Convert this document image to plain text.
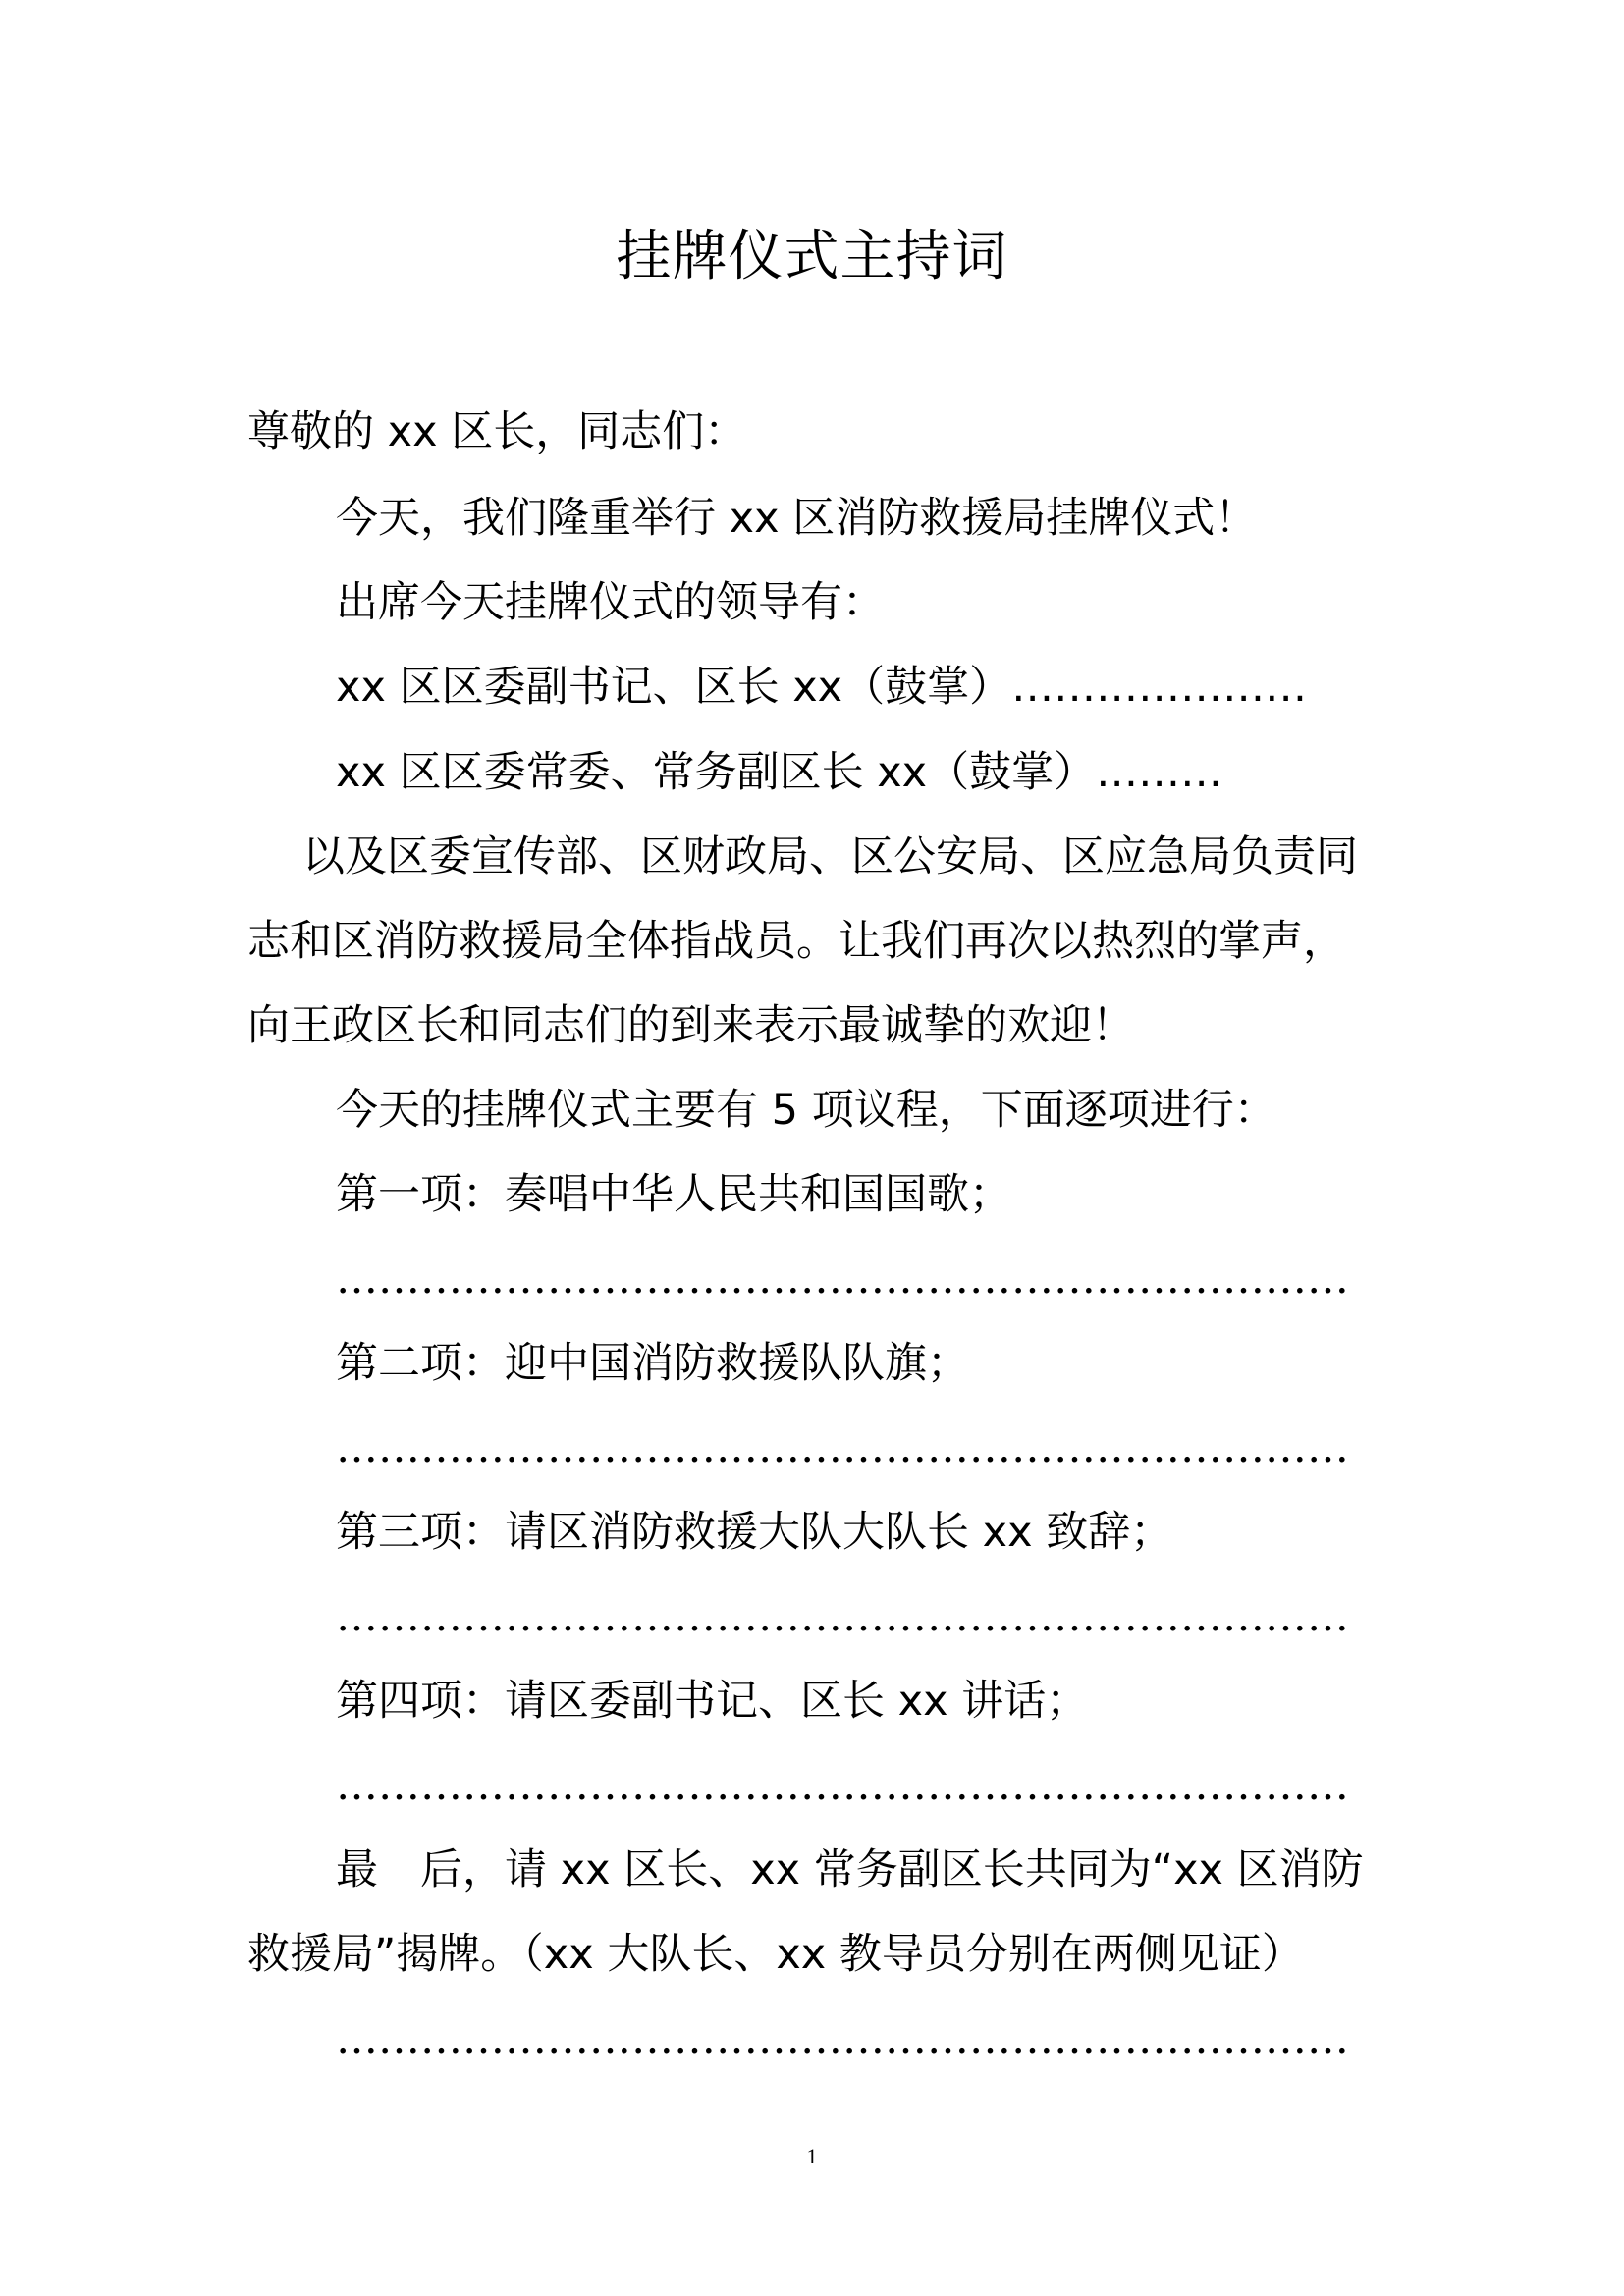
挂牌仪式主持词
尊敬的 xx 区长，同志们：
今天，我们隆重举行 xx 区消防救援局挂牌仪式！
出席今天挂牌仪式的领导有：
xx 区区委副书记、区长 xx（鼓掌）…………………
xx 区区委常委、常务副区长 xx（鼓掌）………
以及区委宣传部、区财政局、区公安局、区应急局负责同
志和区消防救援局全体指战员。让我们再次以热烈的掌声，
向王政区长和同志们的到来表示最诚挚的欢迎！
今天的挂牌仪式主要有 5 项议程，下面逐项进行：
第一项：奏唱中华人民共和国国歌；
………………………………………………………………
第二项：迎中国消防救援队队旗；
………………………………………………………………
第三项：请区消防救援大队大队长 xx 致辞；
………………………………………………………………
第四项：请区委副书记、区长 xx 讲话；
………………………………………………………………
最　后，请 xx 区长、xx 常务副区长共同为“xx 区消防
救援局”揭牌。（xx 大队长、xx 教导员分别在两侧见证）
………………………………………………………………
1
